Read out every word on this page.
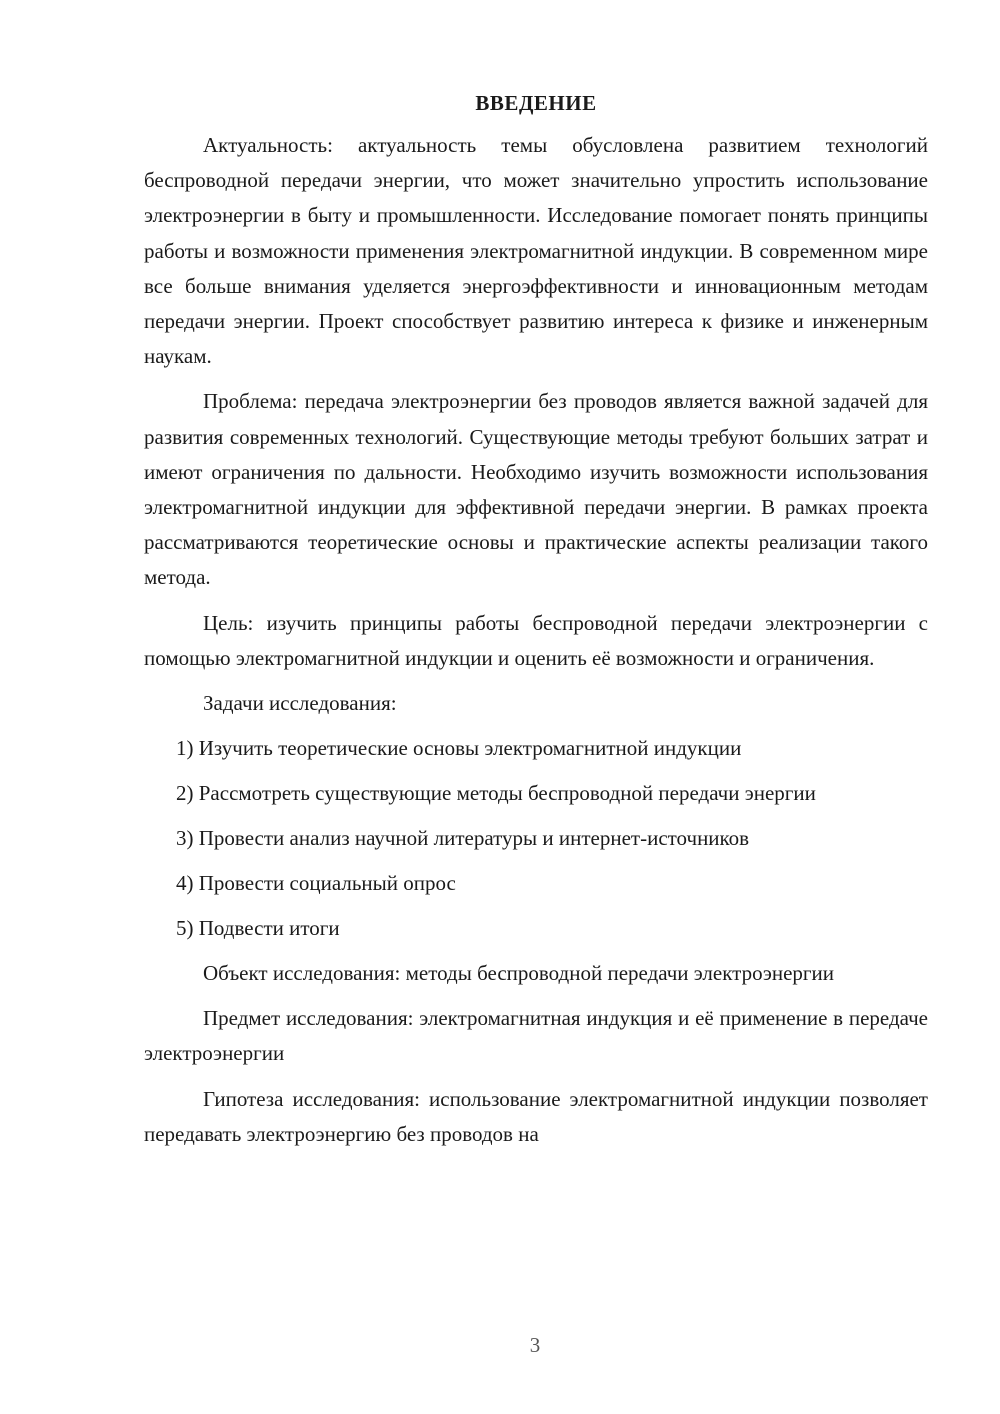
ВВЕДЕНИЕ

Актуальность: актуальность темы обусловлена развитием технологий беспроводной передачи энергии, что может значительно упростить использование электроэнергии в быту и промышленности. Исследование помогает понять принципы работы и возможности применения электромагнитной индукции. В современном мире все больше внимания уделяется энергоэффективности и инновационным методам передачи энергии. Проект способствует развитию интереса к физике и инженерным наукам.

Проблема: передача электроэнергии без проводов является важной задачей для развития современных технологий. Существующие методы требуют больших затрат и имеют ограничения по дальности. Необходимо изучить возможности использования электромагнитной индукции для эффективной передачи энергии. В рамках проекта рассматриваются теоретические основы и практические аспекты реализации такого метода.

Цель: изучить принципы работы беспроводной передачи электроэнергии с помощью электромагнитной индукции и оценить её возможности и ограничения.

Задачи исследования:
1) Изучить теоретические основы электромагнитной индукции
2) Рассмотреть существующие методы беспроводной передачи энергии
3) Провести анализ научной литературы и интернет-источников
4) Провести социальный опрос
5) Подвести итоги

Объект исследования: методы беспроводной передачи электроэнергии

Предмет исследования: электромагнитная индукция и её применение в передаче электроэнергии

Гипотеза исследования: использование электромагнитной индукции позволяет передавать электроэнергию без проводов на

3
